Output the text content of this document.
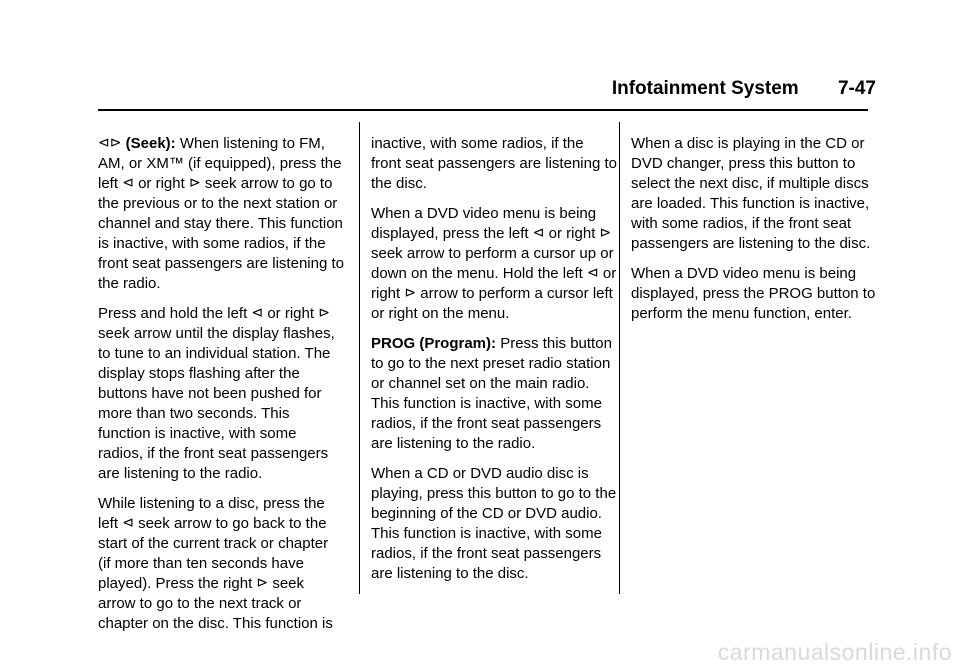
Infotainment System 7-47

⊲⊳ (Seek): When listening to FM, AM, or XM™ (if equipped), press the left ⊲ or right ⊳ seek arrow to go to the previous or to the next station or channel and stay there. This function is inactive, with some radios, if the front seat passengers are listening to the radio.

Press and hold the left ⊲ or right ⊳ seek arrow until the display flashes, to tune to an individual station. The display stops flashing after the buttons have not been pushed for more than two seconds. This function is inactive, with some radios, if the front seat passengers are listening to the radio.

While listening to a disc, press the left ⊲ seek arrow to go back to the start of the current track or chapter (if more than ten seconds have played). Press the right ⊳ seek arrow to go to the next track or chapter on the disc. This function is

inactive, with some radios, if the front seat passengers are listening to the disc.

When a DVD video menu is being displayed, press the left ⊲ or right ⊳ seek arrow to perform a cursor up or down on the menu. Hold the left ⊲ or right ⊳ arrow to perform a cursor left or right on the menu.

PROG (Program): Press this button to go to the next preset radio station or channel set on the main radio. This function is inactive, with some radios, if the front seat passengers are listening to the radio.

When a CD or DVD audio disc is playing, press this button to go to the beginning of the CD or DVD audio. This function is inactive, with some radios, if the front seat passengers are listening to the disc.

When a disc is playing in the CD or DVD changer, press this button to select the next disc, if multiple discs are loaded. This function is inactive, with some radios, if the front seat passengers are listening to the disc.

When a DVD video menu is being displayed, press the PROG button to perform the menu function, enter.

carmanualsonline.info
